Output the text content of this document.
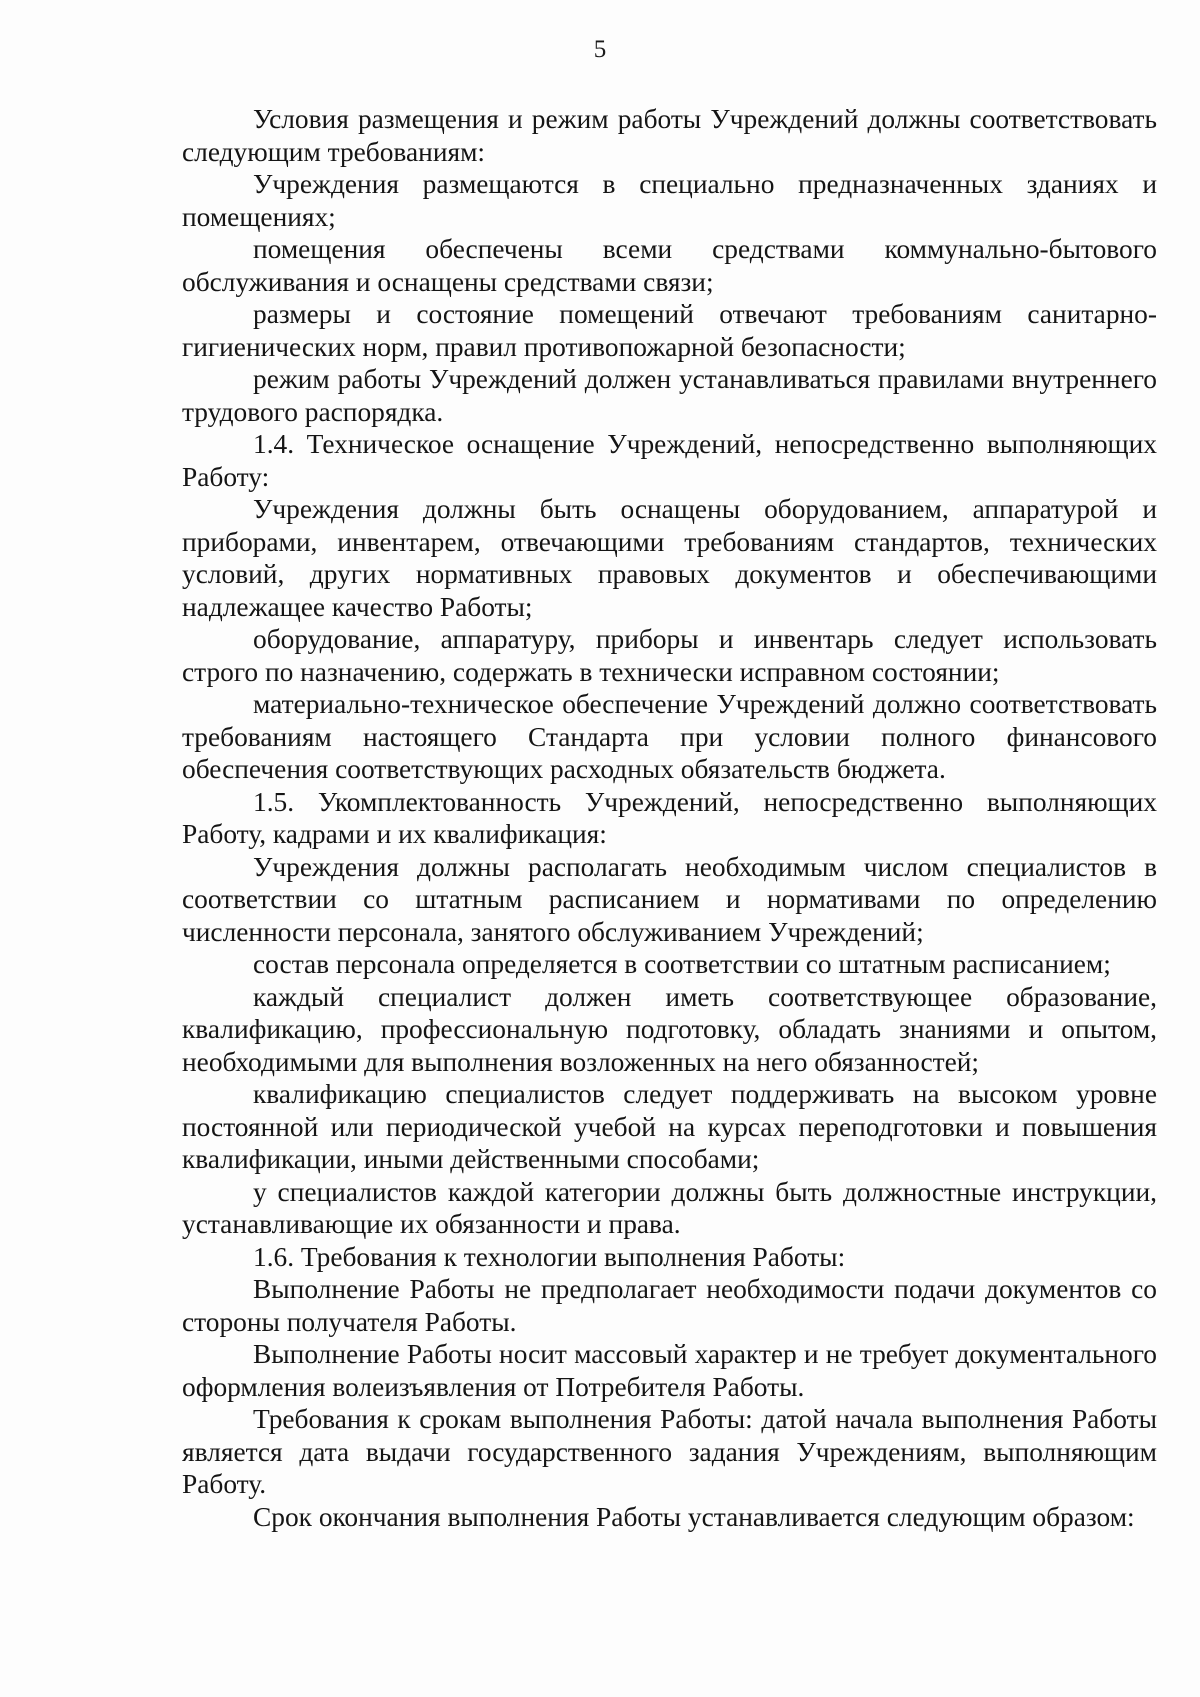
5

Условия размещения и режим работы Учреждений должны соответствовать следующим требованиям:

Учреждения размещаются в специально предназначенных зданиях и помещениях;

помещения обеспечены всеми средствами коммунально-бытового обслуживания и оснащены средствами связи;

размеры и состояние помещений отвечают требованиям санитарно-гигиенических норм, правил противопожарной безопасности;

режим работы Учреждений должен устанавливаться правилами внутреннего трудового распорядка.

1.4. Техническое оснащение Учреждений, непосредственно выполняющих Работу:

Учреждения должны быть оснащены оборудованием, аппаратурой и приборами, инвентарем, отвечающими требованиям стандартов, технических условий, других нормативных правовых документов и обеспечивающими надлежащее качество Работы;

оборудование, аппаратуру, приборы и инвентарь следует использовать строго по назначению, содержать в технически исправном состоянии;

материально-техническое обеспечение Учреждений должно соответствовать требованиям настоящего Стандарта при условии полного финансового обеспечения соответствующих расходных обязательств бюджета.

1.5. Укомплектованность Учреждений, непосредственно выполняющих Работу, кадрами и их квалификация:

Учреждения должны располагать необходимым числом специалистов в соответствии со штатным расписанием и нормативами по определению численности персонала, занятого обслуживанием Учреждений;

состав персонала определяется в соответствии со штатным расписанием;

каждый специалист должен иметь соответствующее образование, квалификацию, профессиональную подготовку, обладать знаниями и опытом, необходимыми для выполнения возложенных на него обязанностей;

квалификацию специалистов следует поддерживать на высоком уровне постоянной или периодической учебой на курсах переподготовки и повышения квалификации, иными действенными способами;

у специалистов каждой категории должны быть должностные инструкции, устанавливающие их обязанности и права.

1.6. Требования к технологии выполнения Работы:

Выполнение Работы не предполагает необходимости подачи документов со стороны получателя Работы.

Выполнение Работы носит массовый характер и не требует документального оформления волеизъявления от Потребителя Работы.

Требования к срокам выполнения Работы: датой начала выполнения Работы является дата выдачи государственного задания Учреждениям, выполняющим Работу.

Срок окончания выполнения Работы устанавливается следующим образом:
